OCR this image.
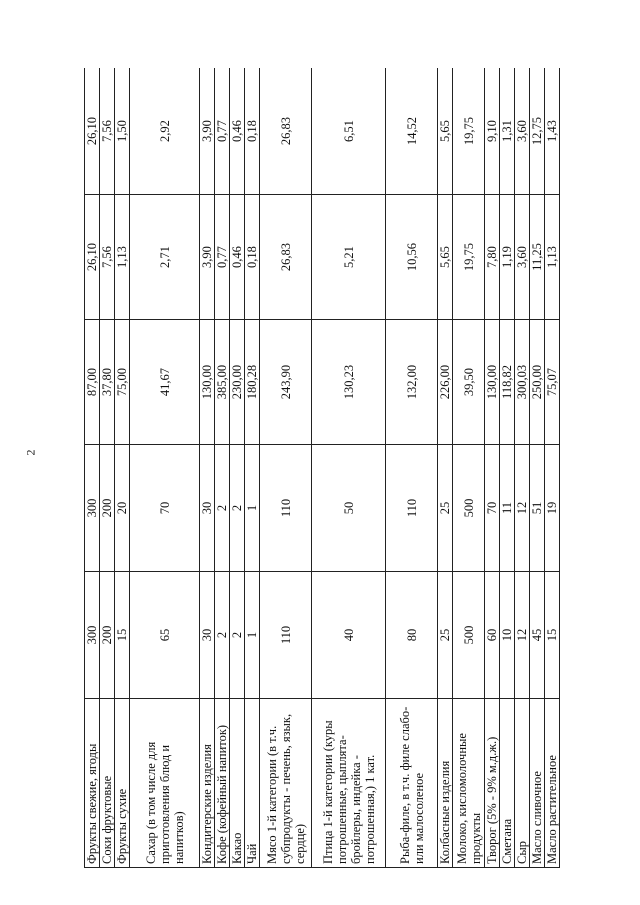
2
Фрукты свежие, ягоды	300	300	87,00	26,10	26,10
Соки фруктовые	200	200	37,80	7,56	7,56
Фрукты сухие	15	20	75,00	1,13	1,50
Сахар (в том числе для приготовления блюд и напитков)	65	70	41,67	2,71	2,92
Кондитерские изделия	30	30	130,00	3,90	3,90
Кофе (кофейный напиток)	2	2	385,00	0,77	0,77
Какао	2	2	230,00	0,46	0,46
Чай	1	1	180,28	0,18	0,18
Мясо 1-й категории (в т.ч. субпродукты - печень, язык, сердце)	110	110	243,90	26,83	26,83
Птица 1-й категории (куры потрошенные, цыплята-бройлеры, индейка - потрошенная,) 1 кат.	40	50	130,23	5,21	6,51
Рыба-филе, в т.ч. филе слабо- или малосоленое	80	110	132,00	10,56	14,52
Колбасные изделия	25	25	226,00	5,65	5,65
Молоко, кисломолочные продукты	500	500	39,50	19,75	19,75
Творог (5% - 9% м.д.ж.)	60	70	130,00	7,80	9,10
Сметана	10	11	118,82	1,19	1,31
Сыр	12	12	300,03	3,60	3,60
Масло сливочное	45	51	250,00	11,25	12,75
Масло растительное	15	19	75,07	1,13	1,43
